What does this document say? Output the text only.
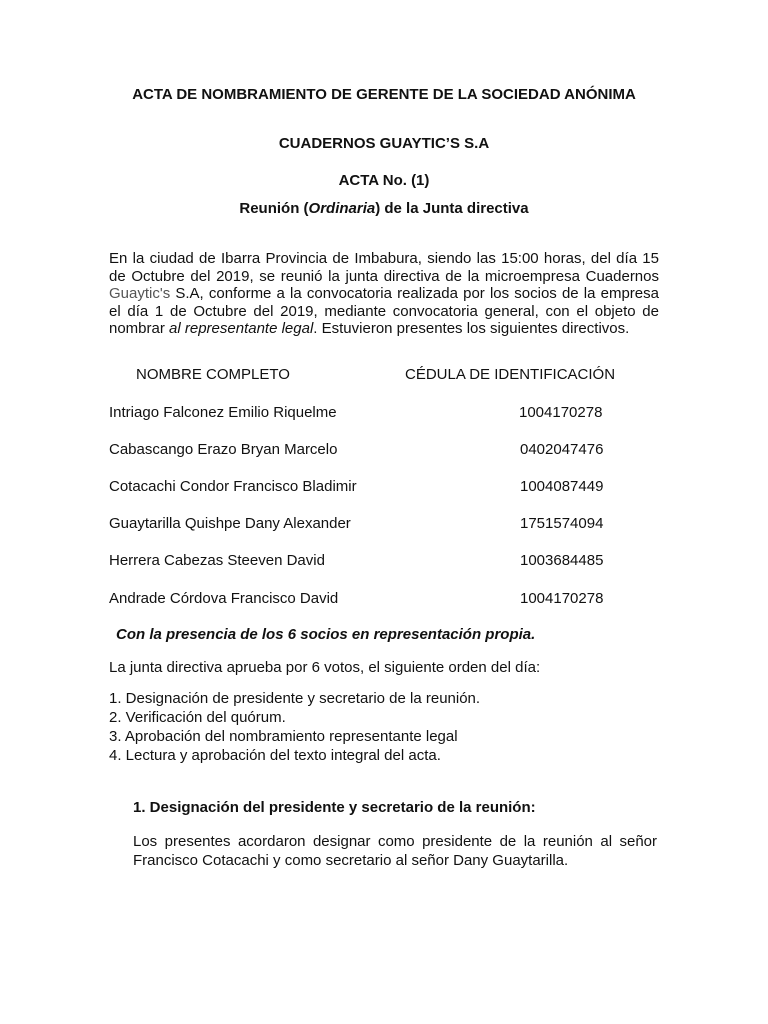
ACTA DE NOMBRAMIENTO DE GERENTE DE LA SOCIEDAD ANÓNIMA
CUADERNOS GUAYTIC’S S.A
ACTA No. (1)
Reunión (Ordinaria) de la Junta directiva
En la ciudad de Ibarra Provincia de Imbabura, siendo las 15:00 horas, del día 15
de Octubre del 2019, se reunió la junta directiva de la microempresa Cuadernos
Guaytic's S.A, conforme a la convocatoria realizada por los socios de la empresa
el día 1 de Octubre del 2019, mediante convocatoria general, con el objeto de
nombrar al representante legal. Estuvieron presentes los siguientes directivos.
NOMBRE COMPLETO	CÉDULA DE IDENTIFICACIÓN
Intriago Falconez Emilio Riquelme	1004170278
Cabascango Erazo Bryan Marcelo	0402047476
Cotacachi Condor Francisco Bladimir	1004087449
Guaytarilla Quishpe Dany Alexander	1751574094
Herrera Cabezas Steeven David	1003684485
Andrade Córdova Francisco David	1004170278
Con la presencia de los 6 socios en representación propia.
La junta directiva aprueba por 6 votos, el siguiente orden del día:
1. Designación de presidente y secretario de la reunión.
2. Verificación del quórum.
3. Aprobación del nombramiento representante legal
4. Lectura y aprobación del texto integral del acta.
1. Designación del presidente y secretario de la reunión:
Los presentes acordaron designar como presidente de la reunión al señor
Francisco Cotacachi y como secretario al señor Dany Guaytarilla.
